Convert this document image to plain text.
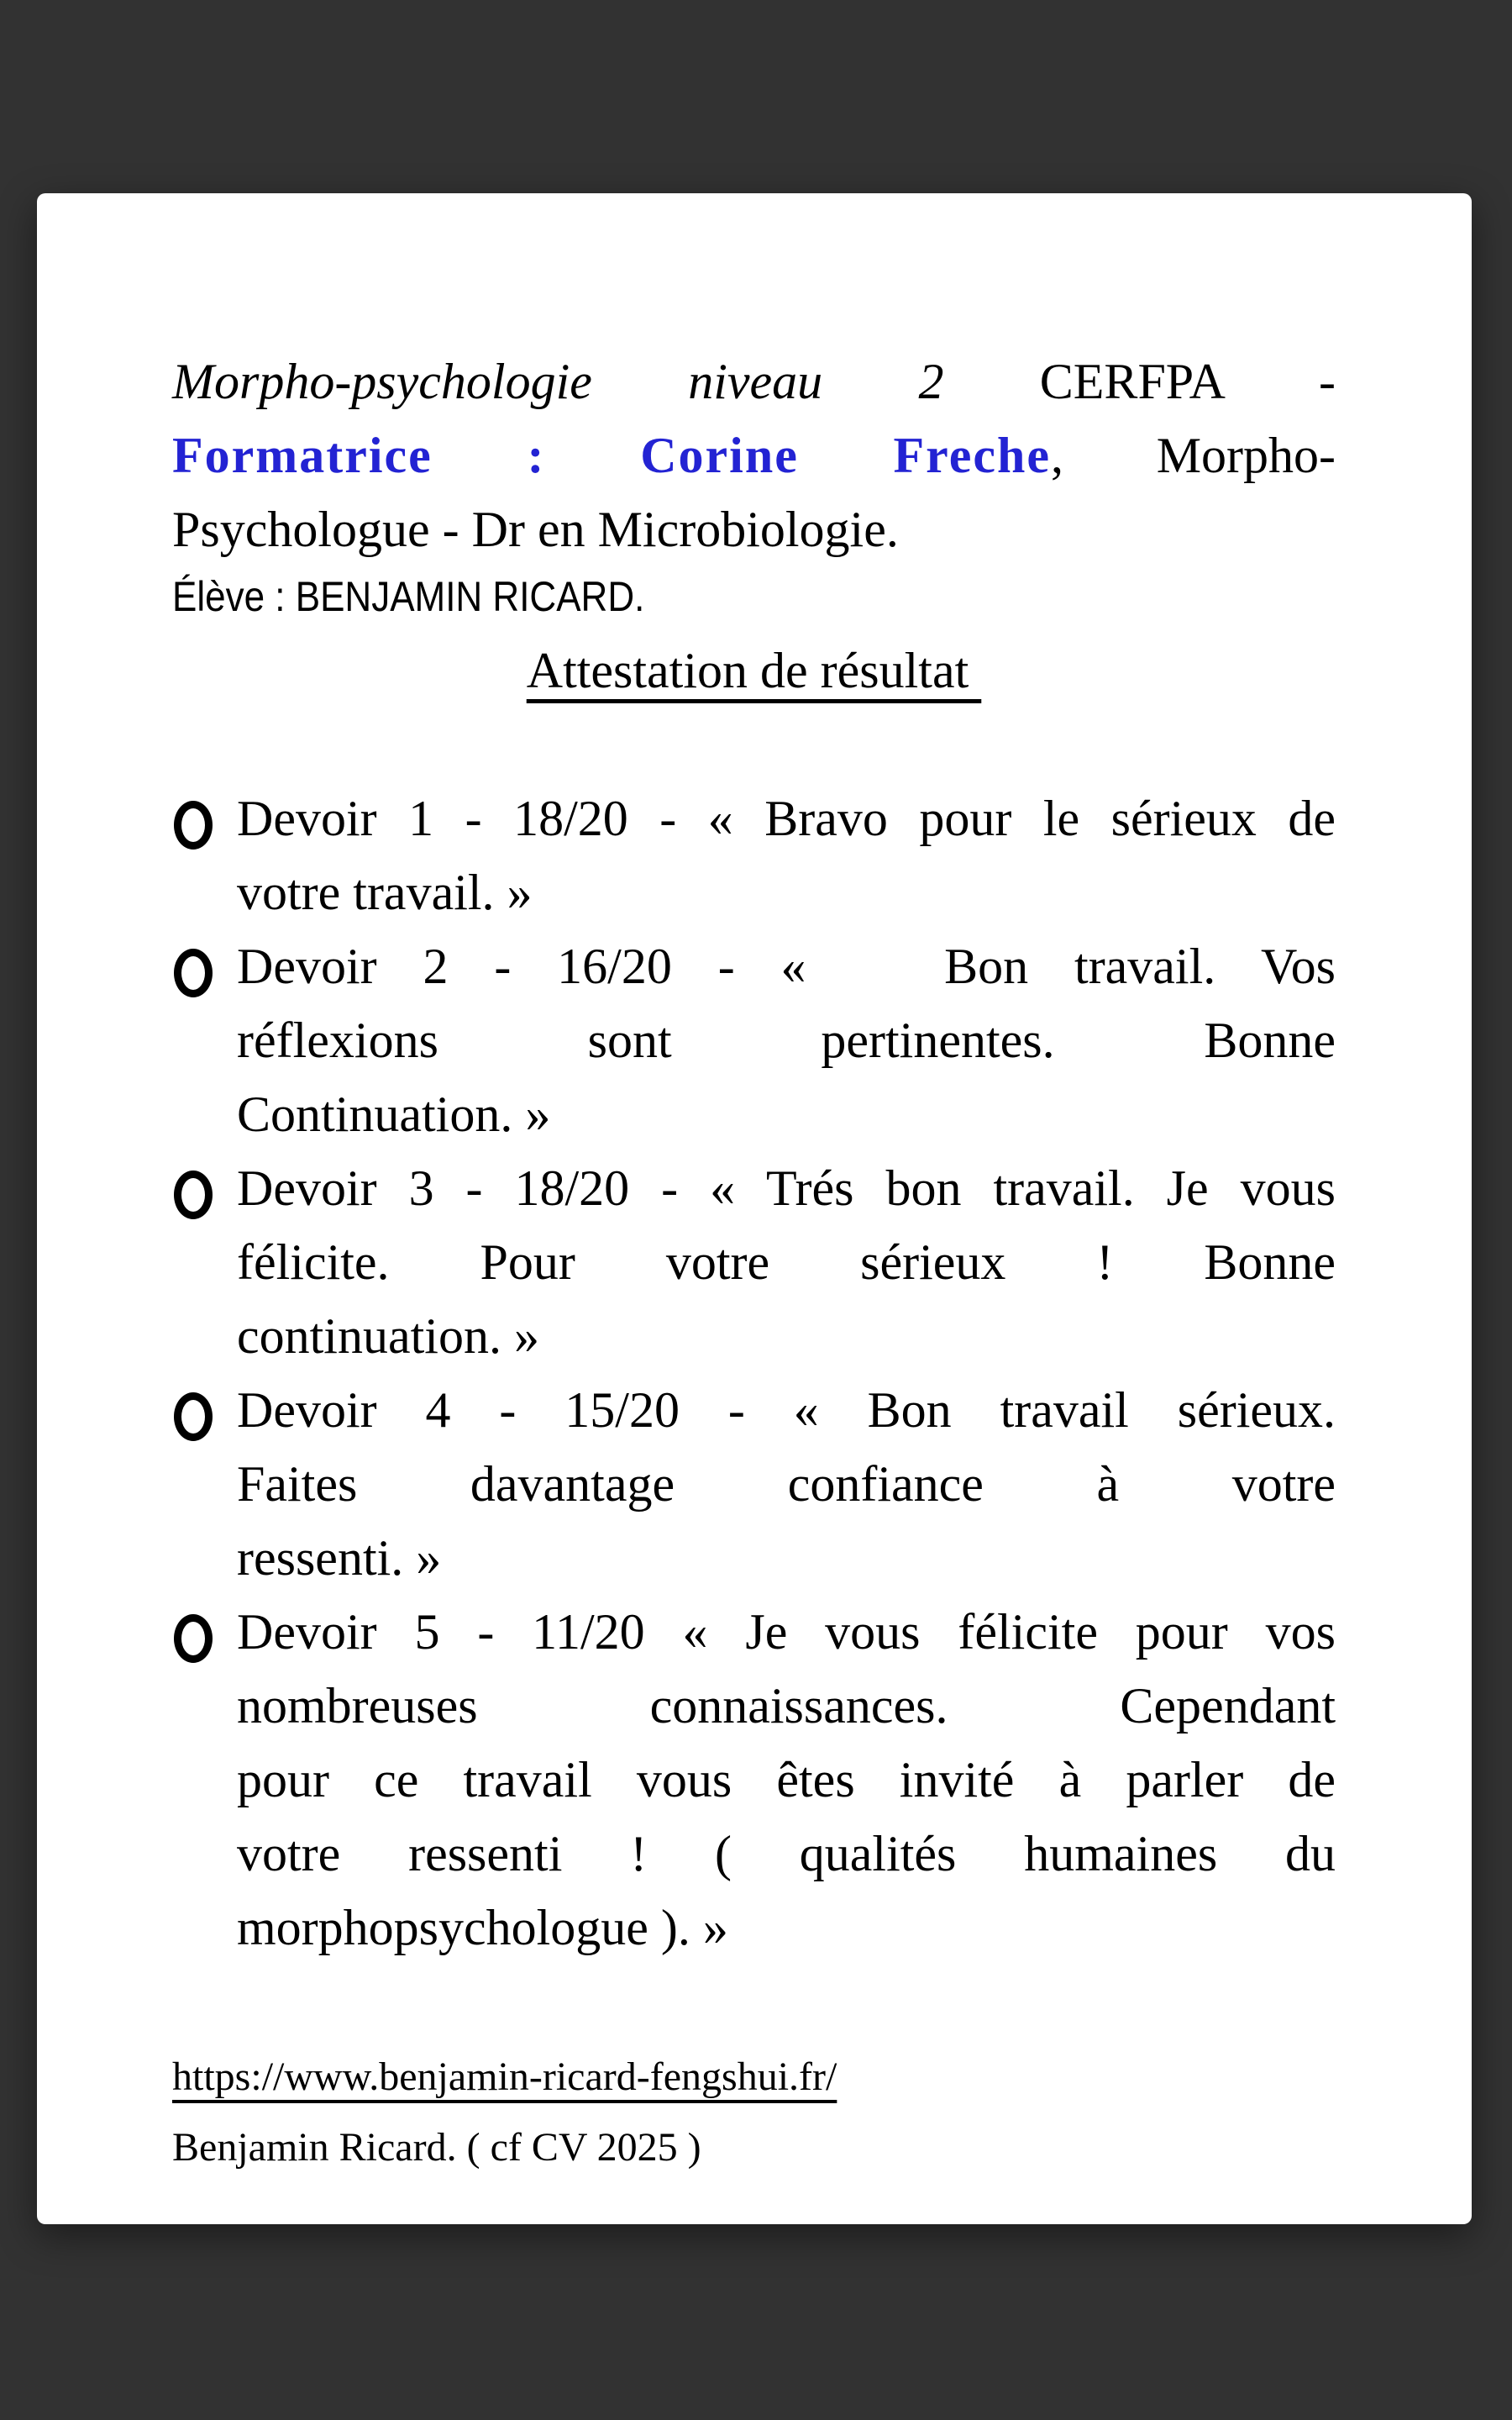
Morpho-psychologie niveau 2 CERFPA -
Formatrice : Corine Freche, Morpho-
Psychologue - Dr en Microbiologie.
Élève : BENJAMIN RICARD.
Attestation de résultat
Devoir 1 - 18/20 - « Bravo pour le sérieux de
votre travail. »
Devoir 2 - 16/20 - «   Bon travail. Vos
réflexions sont pertinentes. Bonne
Continuation. »
Devoir 3 - 18/20 - « Trés bon travail. Je vous
félicite. Pour votre sérieux ! Bonne
continuation. »
Devoir 4 - 15/20 - « Bon travail sérieux.
Faites davantage confiance à votre
ressenti. »
Devoir 5 - 11/20 « Je vous félicite pour vos
nombreuses connaissances. Cependant
pour ce travail vous êtes invité à parler de
votre ressenti ! ( qualités humaines du
morphopsychologue ). »
https://www.benjamin-ricard-fengshui.fr/
Benjamin Ricard. ( cf CV 2025 )
